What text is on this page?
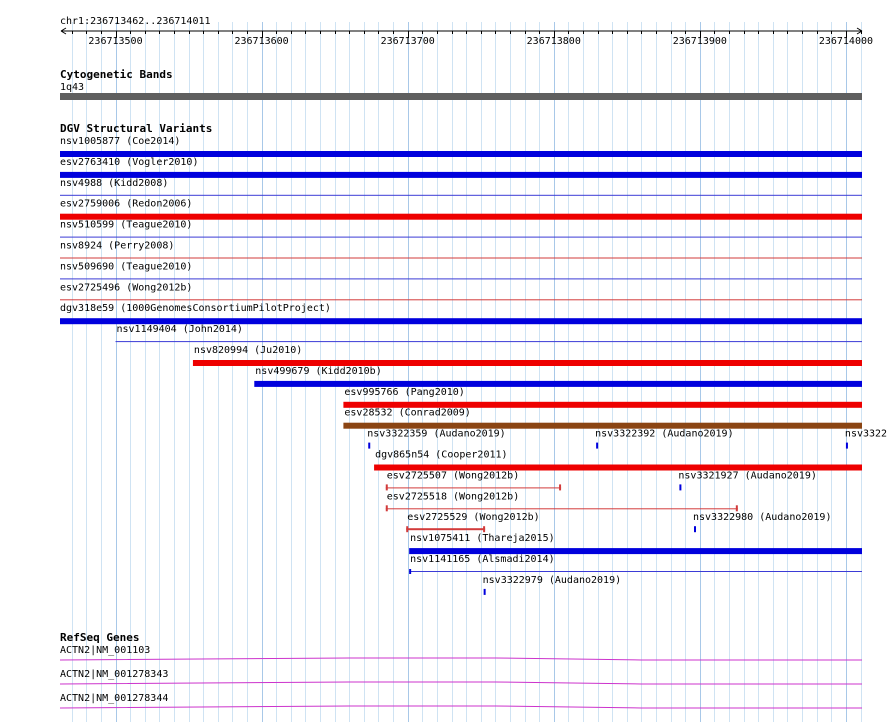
chr1:236713462..236714011
236713500	236713600	236713700	236713800	236713900	236714000
Cytogenetic Bands
1q43
DGV Structural Variants
nsv1005877 (Coe2014)
esv2763410 (Vogler2010)
nsv4988 (Kidd2008)
esv2759006 (Redon2006)
nsv510599 (Teague2010)
nsv8924 (Perry2008)
nsv509690 (Teague2010)
esv2725496 (Wong2012b)
dgv318e59 (1000GenomesConsortiumPilotProject)
nsv1149404 (John2014)
nsv820994 (Ju2010)
nsv499679 (Kidd2010b)
esv995766 (Pang2010)
esv28532 (Conrad2009)
nsv3322359 (Audano2019)	nsv3322392 (Audano2019)	nsv3322
dgv865n54 (Cooper2011)
esv2725507 (Wong2012b)	nsv3321927 (Audano2019)
esv2725518 (Wong2012b)
esv2725529 (Wong2012b)	nsv3322980 (Audano2019)
nsv1075411 (Thareja2015)
nsv1141165 (Alsmadi2014)
nsv3322979 (Audano2019)
RefSeq Genes
ACTN2|NM_001103
ACTN2|NM_001278343
ACTN2|NM_001278344
